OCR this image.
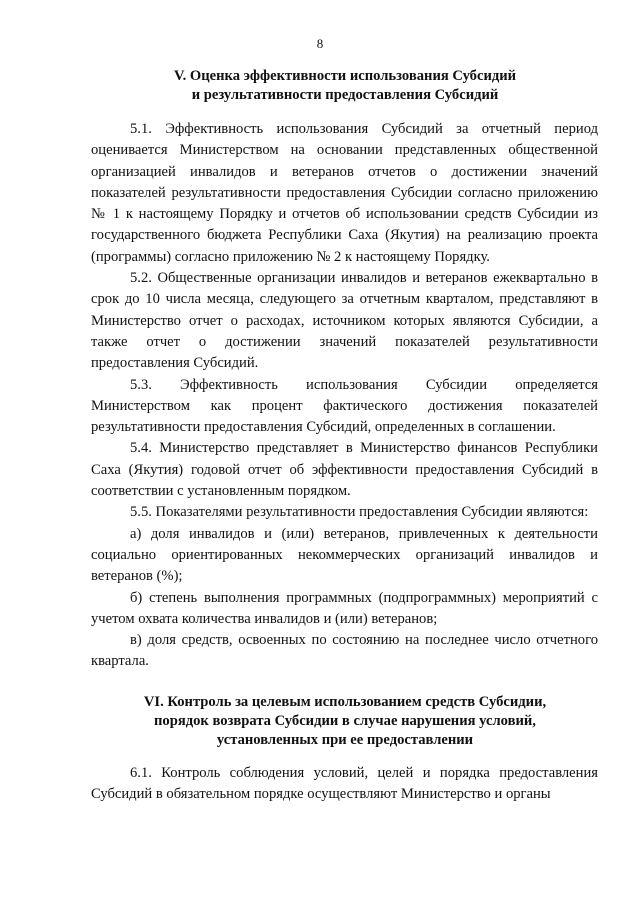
8
V. Оценка эффективности использования Субсидий
и результативности предоставления Субсидий

5.1. Эффективность использования Субсидий за отчетный период оценивается Министерством на основании представленных общественной организацией инвалидов и ветеранов отчетов о достижении значений показателей результативности предоставления Субсидии согласно приложению № 1 к настоящему Порядку и отчетов об использовании средств Субсидии из государственного бюджета Республики Саха (Якутия) на реализацию проекта (программы) согласно приложению № 2 к настоящему Порядку.

5.2. Общественные организации инвалидов и ветеранов ежеквартально в срок до 10 числа месяца, следующего за отчетным кварталом, представляют в Министерство отчет о расходах, источником которых являются Субсидии, а также отчет о достижении значений показателей результативности предоставления Субсидий.

5.3. Эффективность использования Субсидии определяется Министерством как процент фактического достижения показателей результативности предоставления Субсидий, определенных в соглашении.

5.4. Министерство представляет в Министерство финансов Республики Саха (Якутия) годовой отчет об эффективности предоставления Субсидий в соответствии с установленным порядком.

5.5. Показателями результативности предоставления Субсидии являются:

а) доля инвалидов и (или) ветеранов, привлеченных к деятельности социально ориентированных некоммерческих организаций инвалидов и ветеранов (%);

б) степень выполнения программных (подпрограммных) мероприятий с учетом охвата количества инвалидов и (или) ветеранов;

в) доля средств, освоенных по состоянию на последнее число отчетного квартала.

VI. Контроль за целевым использованием средств Субсидии,
порядок возврата Субсидии в случае нарушения условий,
установленных при ее предоставлении

6.1. Контроль соблюдения условий, целей и порядка предоставления Субсидий в обязательном порядке осуществляют Министерство и органы
